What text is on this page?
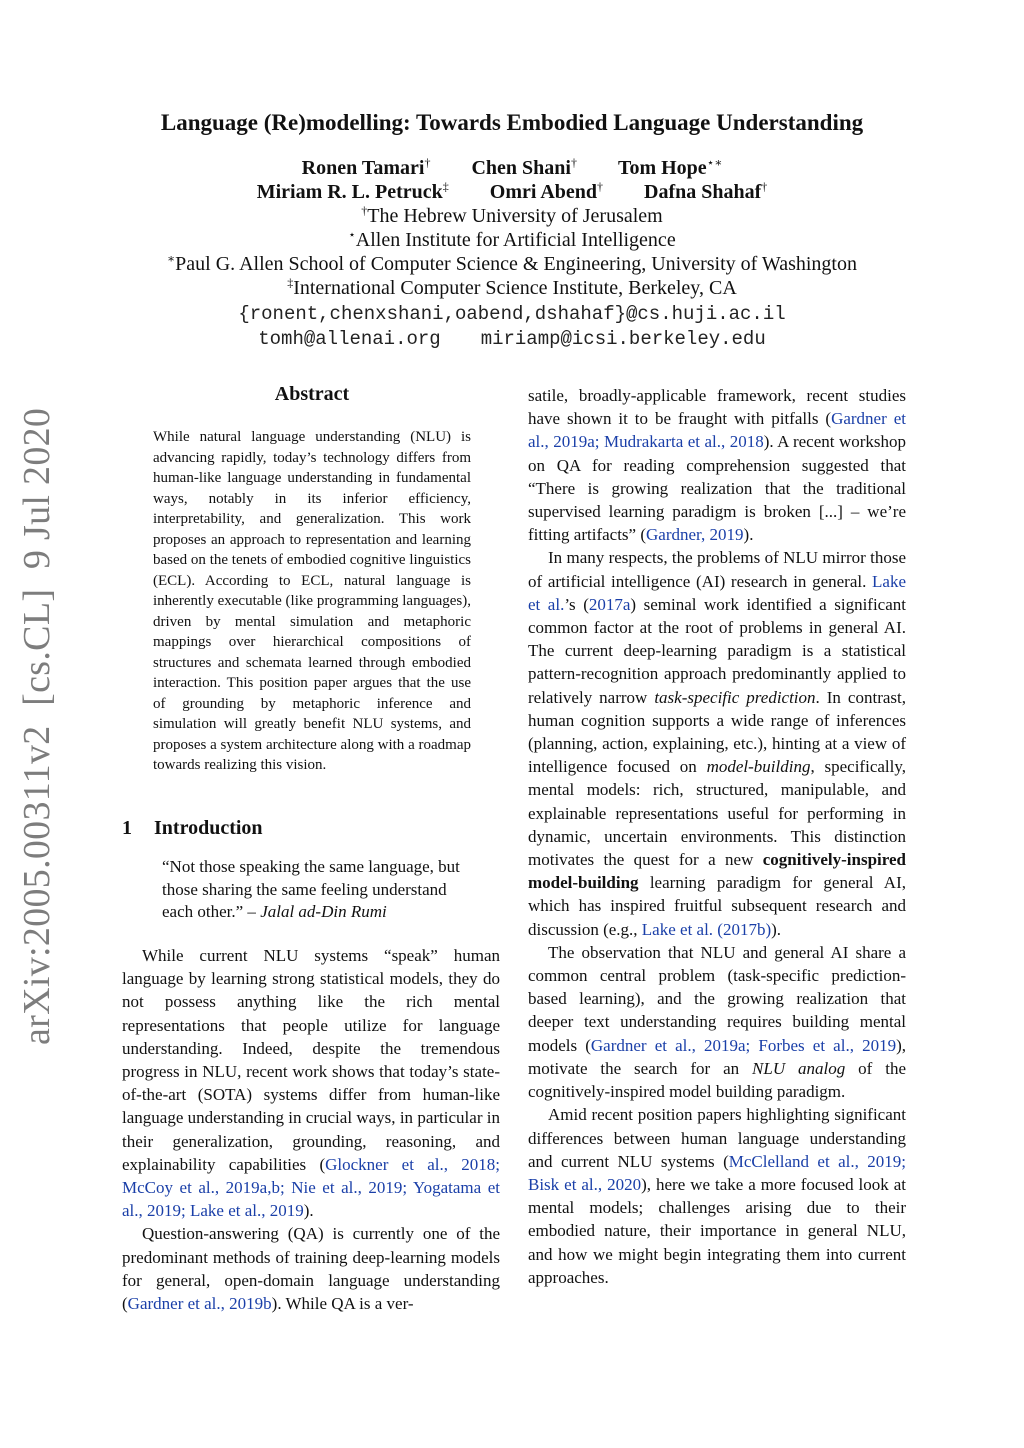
arXiv:2005.00311v2  [cs.CL]  9 Jul 2020
Language (Re)modelling: Towards Embodied Language Understanding
Ronen Tamari† Chen Shani† Tom Hope⋆∗
Miriam R. L. Petruck‡ Omri Abend† Dafna Shahaf†
†The Hebrew University of Jerusalem
⋆Allen Institute for Artificial Intelligence
∗Paul G. Allen School of Computer Science & Engineering, University of Washington
‡International Computer Science Institute, Berkeley, CA
{ronent,chenxshani,oabend,dshahaf}@cs.huji.ac.il
tomh@allenai.org miriamp@icsi.berkeley.edu
Abstract
While natural language understanding (NLU) is advancing rapidly, today’s technology differs from human-like language understanding in fundamental ways, notably in its inferior efficiency, interpretability, and generalization. This work proposes an approach to representation and learning based on the tenets of embodied cognitive linguistics (ECL). According to ECL, natural language is inherently executable (like programming languages), driven by mental simulation and metaphoric mappings over hierarchical compositions of structures and schemata learned through embodied interaction. This position paper argues that the use of grounding by metaphoric inference and simulation will greatly benefit NLU systems, and proposes a system architecture along with a roadmap towards realizing this vision.
1 Introduction
“Not those speaking the same language, but those sharing the same feeling understand each other.” – Jalal ad-Din Rumi

While current NLU systems “speak” human language by learning strong statistical models, they do not possess anything like the rich mental representations that people utilize for language understanding. Indeed, despite the tremendous progress in NLU, recent work shows that today’s state-of-the-art (SOTA) systems differ from human-like language understanding in crucial ways, in particular in their generalization, grounding, reasoning, and explainability capabilities (Glockner et al., 2018; McCoy et al., 2019a,b; Nie et al., 2019; Yogatama et al., 2019; Lake et al., 2019).

Question-answering (QA) is currently one of the predominant methods of training deep-learning models for general, open-domain language understanding (Gardner et al., 2019b). While QA is a ver-

satile, broadly-applicable framework, recent studies have shown it to be fraught with pitfalls (Gardner et al., 2019a; Mudrakarta et al., 2018). A recent workshop on QA for reading comprehension suggested that “There is growing realization that the traditional supervised learning paradigm is broken [...] – we’re fitting artifacts” (Gardner, 2019).

In many respects, the problems of NLU mirror those of artificial intelligence (AI) research in general. Lake et al.’s (2017a) seminal work identified a significant common factor at the root of problems in general AI. The current deep-learning paradigm is a statistical pattern-recognition approach predominantly applied to relatively narrow task-specific prediction. In contrast, human cognition supports a wide range of inferences (planning, action, explaining, etc.), hinting at a view of intelligence focused on model-building, specifically, mental models: rich, structured, manipulable, and explainable representations useful for performing in dynamic, uncertain environments. This distinction motivates the quest for a new cognitively-inspired model-building learning paradigm for general AI, which has inspired fruitful subsequent research and discussion (e.g., Lake et al. (2017b)).

The observation that NLU and general AI share a common central problem (task-specific prediction-based learning), and the growing realization that deeper text understanding requires building mental models (Gardner et al., 2019a; Forbes et al., 2019), motivate the search for an NLU analog of the cognitively-inspired model building paradigm.

Amid recent position papers highlighting significant differences between human language understanding and current NLU systems (McClelland et al., 2019; Bisk et al., 2020), here we take a more focused look at mental models; challenges arising due to their embodied nature, their importance in general NLU, and how we might begin integrating them into current approaches.
